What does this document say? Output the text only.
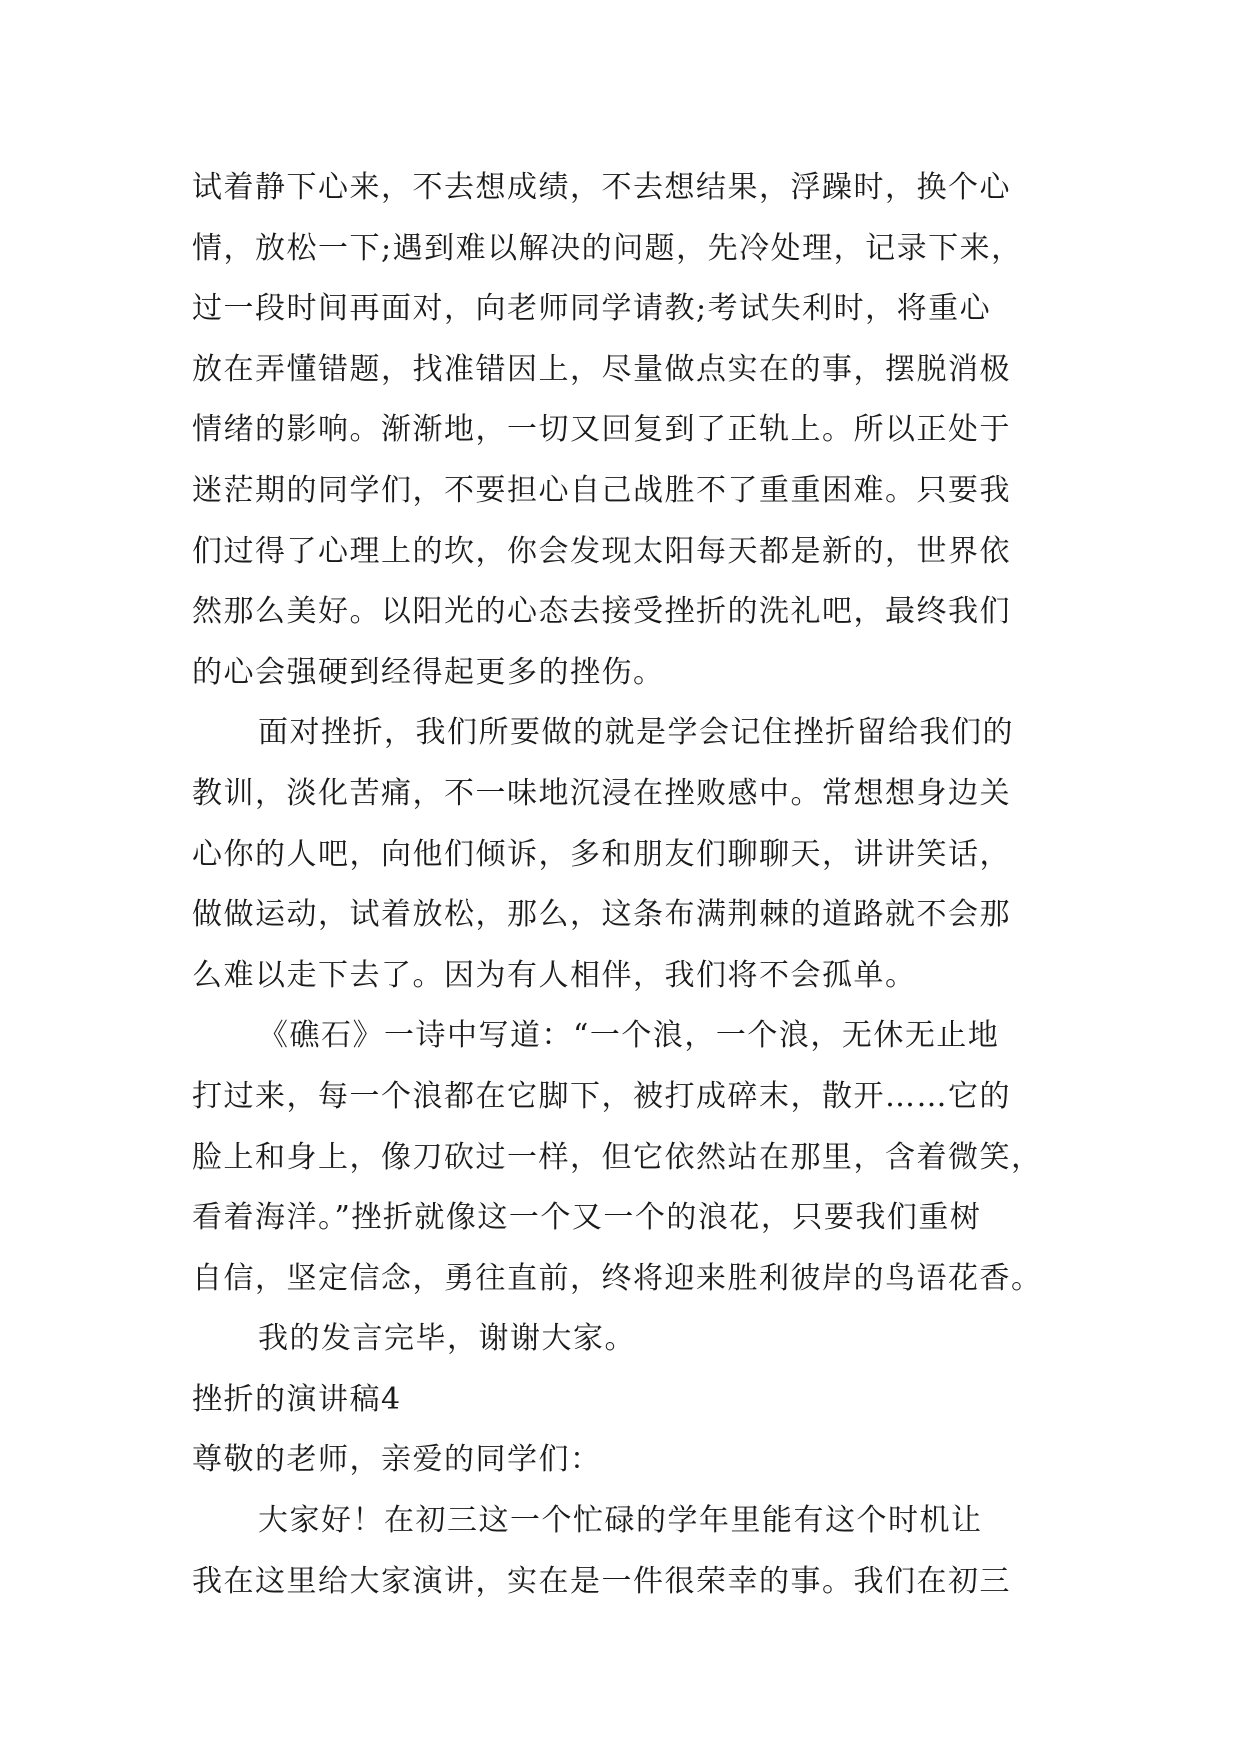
试着静下心来，不去想成绩，不去想结果，浮躁时，换个心
情，放松一下;遇到难以解决的问题，先冷处理，记录下来，
过一段时间再面对，向老师同学请教;考试失利时，将重心
放在弄懂错题，找准错因上，尽量做点实在的事，摆脱消极
情绪的影响。渐渐地，一切又回复到了正轨上。所以正处于
迷茫期的同学们，不要担心自己战胜不了重重困难。只要我
们过得了心理上的坎，你会发现太阳每天都是新的，世界依
然那么美好。以阳光的心态去接受挫折的洗礼吧，最终我们
的心会强硬到经得起更多的挫伤。
面对挫折，我们所要做的就是学会记住挫折留给我们的
教训，淡化苦痛，不一味地沉浸在挫败感中。常想想身边关
心你的人吧，向他们倾诉，多和朋友们聊聊天，讲讲笑话，
做做运动，试着放松，那么，这条布满荆棘的道路就不会那
么难以走下去了。因为有人相伴，我们将不会孤单。
《礁石》一诗中写道：“一个浪，一个浪，无休无止地
打过来，每一个浪都在它脚下，被打成碎末，散开……它的
脸上和身上，像刀砍过一样，但它依然站在那里，含着微笑，
看着海洋。”挫折就像这一个又一个的浪花，只要我们重树
自信，坚定信念，勇往直前，终将迎来胜利彼岸的鸟语花香。
我的发言完毕，谢谢大家。
挫折的演讲稿4
尊敬的老师，亲爱的同学们：
大家好！在初三这一个忙碌的学年里能有这个时机让
我在这里给大家演讲，实在是一件很荣幸的事。我们在初三
